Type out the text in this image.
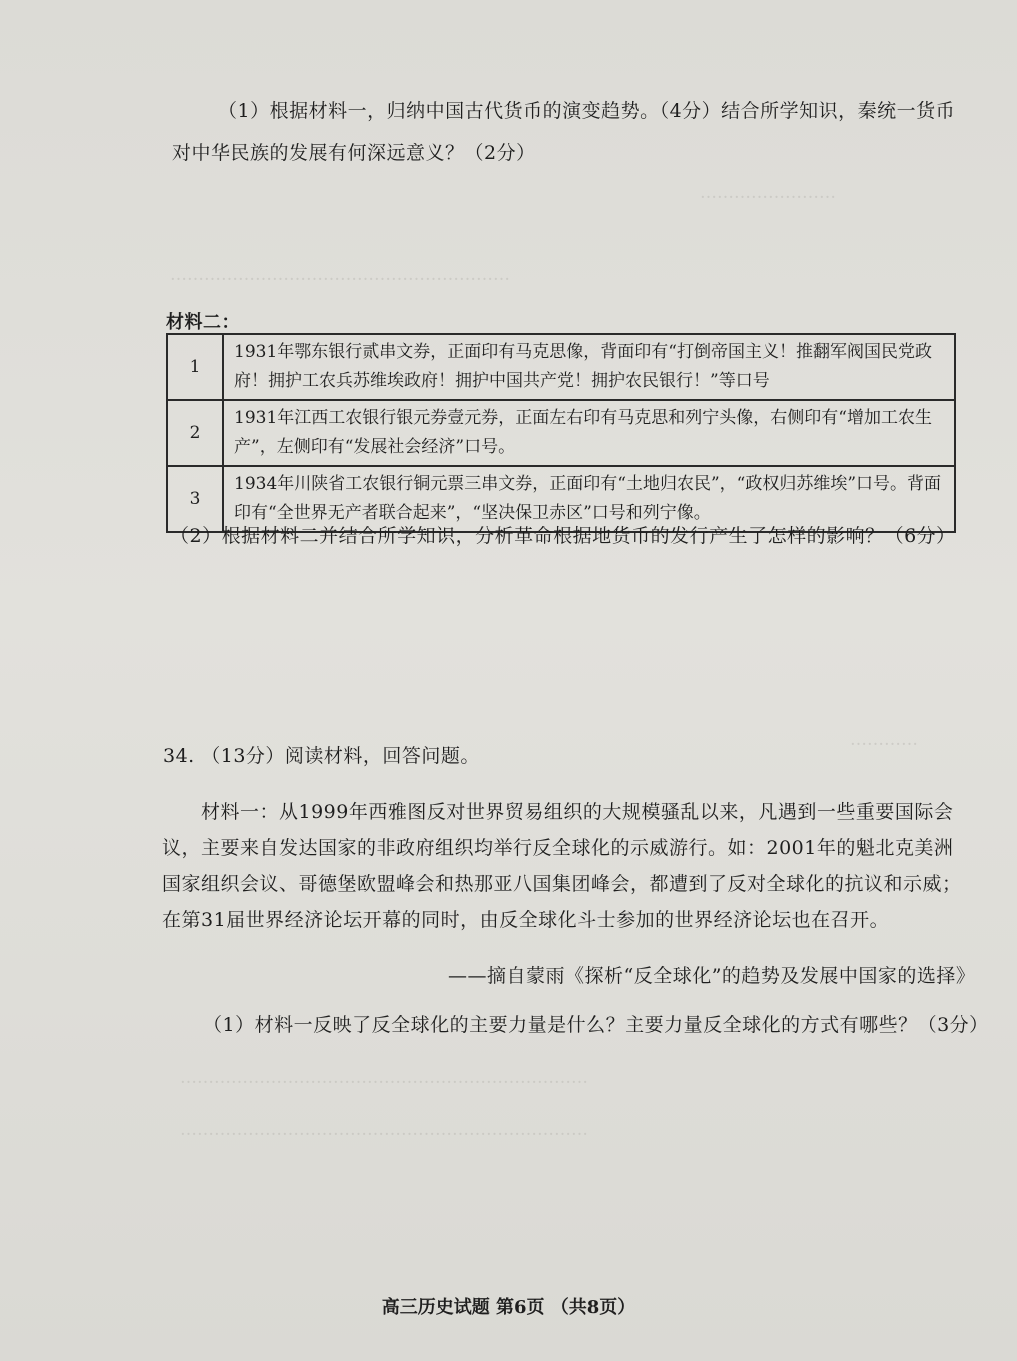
……………………
……………………………………………………
…………
………………………………………………………………
………………………………………………………………
（1）根据材料一，归纳中国古代货币的演变趋势。（4分）结合所学知识，秦统一货币
对中华民族的发展有何深远意义？（2分）
材料二：
1	1931年鄂东银行贰串文券，正面印有马克思像，背面印有“打倒帝国主义！推翻军阀国民党政府！拥护工农兵苏维埃政府！拥护中国共产党！拥护农民银行！”等口号
2	1931年江西工农银行银元券壹元券，正面左右印有马克思和列宁头像，右侧印有“增加工农生产”，左侧印有“发展社会经济”口号。
3	1934年川陕省工农银行铜元票三串文券，正面印有“土地归农民”，“政权归苏维埃”口号。背面印有“全世界无产者联合起来”，“坚决保卫赤区”口号和列宁像。
（2）根据材料二并结合所学知识，分析革命根据地货币的发行产生了怎样的影响？（6分）
34. （13分）阅读材料，回答问题。
材料一：从1999年西雅图反对世界贸易组织的大规模骚乱以来，凡遇到一些重要国际会
议，主要来自发达国家的非政府组织均举行反全球化的示威游行。如：2001年的魁北克美洲
国家组织会议、哥德堡欧盟峰会和热那亚八国集团峰会，都遭到了反对全球化的抗议和示威；
在第31届世界经济论坛开幕的同时，由反全球化斗士参加的世界经济论坛也在召开。
——摘自蒙雨《探析“反全球化”的趋势及发展中国家的选择》
（1）材料一反映了反全球化的主要力量是什么？主要力量反全球化的方式有哪些？（3分）
高三历史试题 第6页 （共8页）
